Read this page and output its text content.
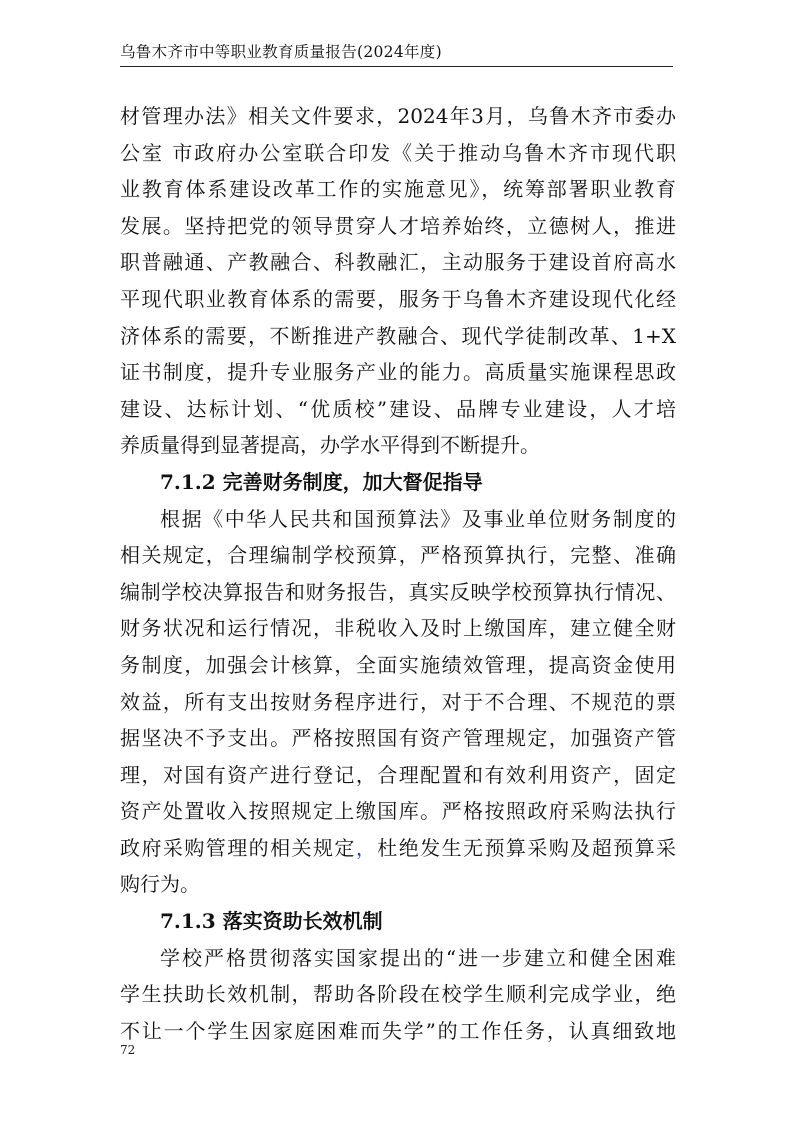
乌鲁木齐市中等职业教育质量报告(2024年度)
材管理办法》相关文件要求，2024年3月，乌鲁木齐市委办
公室 市政府办公室联合印发《关于推动乌鲁木齐市现代职
业教育体系建设改革工作的实施意见》，统筹部署职业教育
发展。坚持把党的领导贯穿人才培养始终，立德树人，推进
职普融通、产教融合、科教融汇，主动服务于建设首府高水
平现代职业教育体系的需要，服务于乌鲁木齐建设现代化经
济体系的需要，不断推进产教融合、现代学徒制改革、1+X
证书制度，提升专业服务产业的能力。高质量实施课程思政
建设、达标计划、“优质校”建设、品牌专业建设，人才培
养质量得到显著提高，办学水平得到不断提升。
7.1.2 完善财务制度，加大督促指导
根据《中华人民共和国预算法》及事业单位财务制度的
相关规定，合理编制学校预算，严格预算执行，完整、准确
编制学校决算报告和财务报告，真实反映学校预算执行情况、
财务状况和运行情况，非税收入及时上缴国库，建立健全财
务制度，加强会计核算，全面实施绩效管理，提高资金使用
效益，所有支出按财务程序进行，对于不合理、不规范的票
据坚决不予支出。严格按照国有资产管理规定，加强资产管
理，对国有资产进行登记，合理配置和有效利用资产，固定
资产处置收入按照规定上缴国库。严格按照政府采购法执行
政府采购管理的相关规定，杜绝发生无预算采购及超预算采
购行为。
7.1.3 落实资助长效机制
学校严格贯彻落实国家提出的“进一步建立和健全困难
学生扶助长效机制，帮助各阶段在校学生顺利完成学业，绝
不让一个学生因家庭困难而失学”的工作任务，认真细致地
72
